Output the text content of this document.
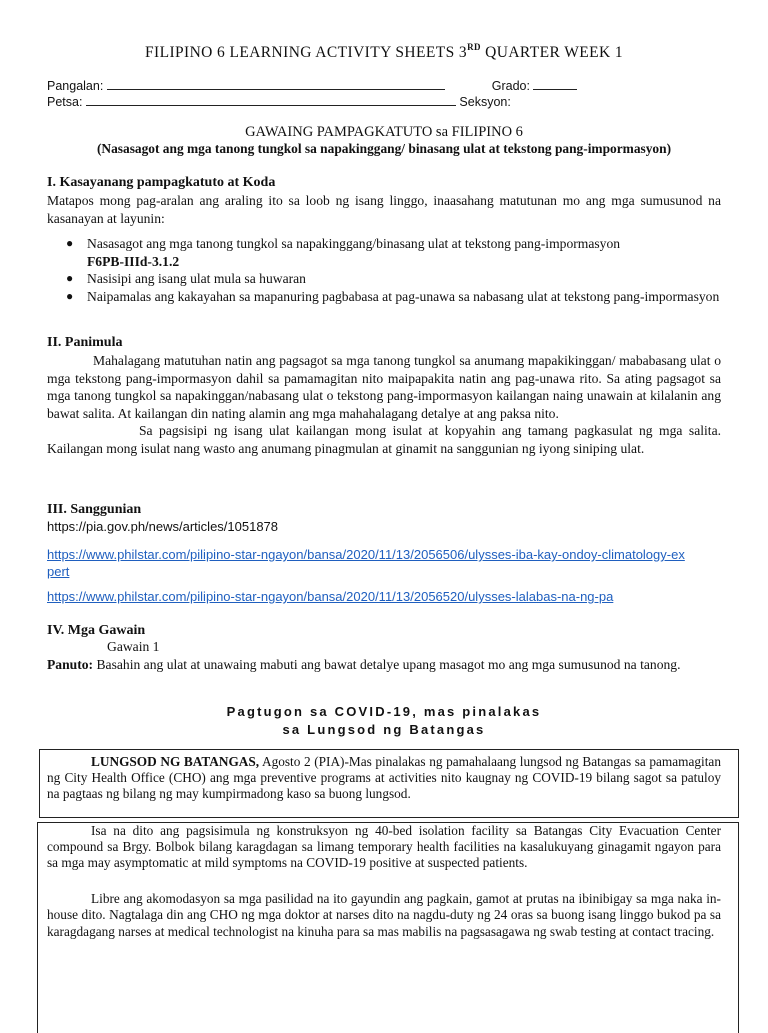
FILIPINO 6 LEARNING ACTIVITY SHEETS 3RD QUARTER WEEK 1
Pangalan:	Grado:
Petsa:	Seksyon:
GAWAING PAMPAGKATUTO sa FILIPINO 6
(Nasasagot ang mga tanong tungkol sa napakinggang/ binasang ulat at tekstong pang-impormasyon)
I. Kasayanang pampagkatuto at Koda
Matapos mong pag-aralan ang araling ito sa loob ng isang linggo, inaasahang matutunan mo ang mga sumusunod na kasanayan at layunin:
● Nasasagot ang mga tanong tungkol sa napakinggang/binasang ulat at tekstong pang-impormasyon
F6PB-IIId-3.1.2
● Nasisipi ang isang ulat mula sa huwaran
● Naipamalas ang kakayahan sa mapanuring pagbabasa at pag-unawa sa nabasang ulat at tekstong pang-impormasyon
II. Panimula

Mahalagang matutuhan natin ang pagsagot sa mga tanong tungkol sa anumang mapakikinggan/ mababasang ulat o mga tekstong pang-impormasyon dahil sa pamamagitan nito maipapakita natin ang pag-unawa rito. Sa ating pagsagot sa mga tanong tungkol sa napakinggan/nabasang ulat o tekstong pang-impormasyon kailangan naing unawain at kilalanin ang bawat salita. At kailangan din nating alamin ang mga mahahalagang detalye at ang paksa nito.

Sa pagsisipi ng isang ulat kailangan mong isulat at kopyahin ang tamang pagkasulat ng mga salita. Kailangan mong isulat nang wasto ang anumang pinagmulan at ginamit na sanggunian ng iyong siniping ulat.

III. Sanggunian
https://pia.gov.ph/news/articles/1051878
https://www.philstar.com/pilipino-star-ngayon/bansa/2020/11/13/2056506/ulysses-iba-kay-ondoy-climatology-expert
https://www.philstar.com/pilipino-star-ngayon/bansa/2020/11/13/2056520/ulysses-lalabas-na-ng-pa
IV. Mga Gawain
Gawain 1
Panuto: Basahin ang ulat at unawaing mabuti ang bawat detalye upang masagot mo ang mga sumusunod na tanong.
Pagtugon sa COVID-19, mas pinalakas
sa Lungsod ng Batangas

LUNGSOD NG BATANGAS, Agosto 2 (PIA)-Mas pinalakas ng pamahalaang lungsod ng Batangas sa pamamagitan ng City Health Office (CHO) ang mga preventive programs at activities nito kaugnay ng COVID-19 bilang sagot sa patuloy na pagtaas ng bilang ng may kumpirmadong kaso sa buong lungsod.

Isa na dito ang pagsisimula ng konstruksyon ng 40-bed isolation facility sa Batangas City Evacuation Center compound sa Brgy. Bolbok bilang karagdagan sa limang temporary health facilities na kasalukuyang ginagamit ngayon para sa mga may asymptomatic at mild symptoms na COVID-19 positive at suspected patients.

Libre ang akomodasyon sa mga pasilidad na ito gayundin ang pagkain, gamot at prutas na ibinibigay sa mga naka in-house dito. Nagtalaga din ang CHO ng mga doktor at narses dito na nagdu-duty ng 24 oras sa buong isang linggo bukod pa sa karagdagang narses at medical technologist na kinuha para sa mas mabilis na pagsasagawa ng swab testing at contact tracing.
